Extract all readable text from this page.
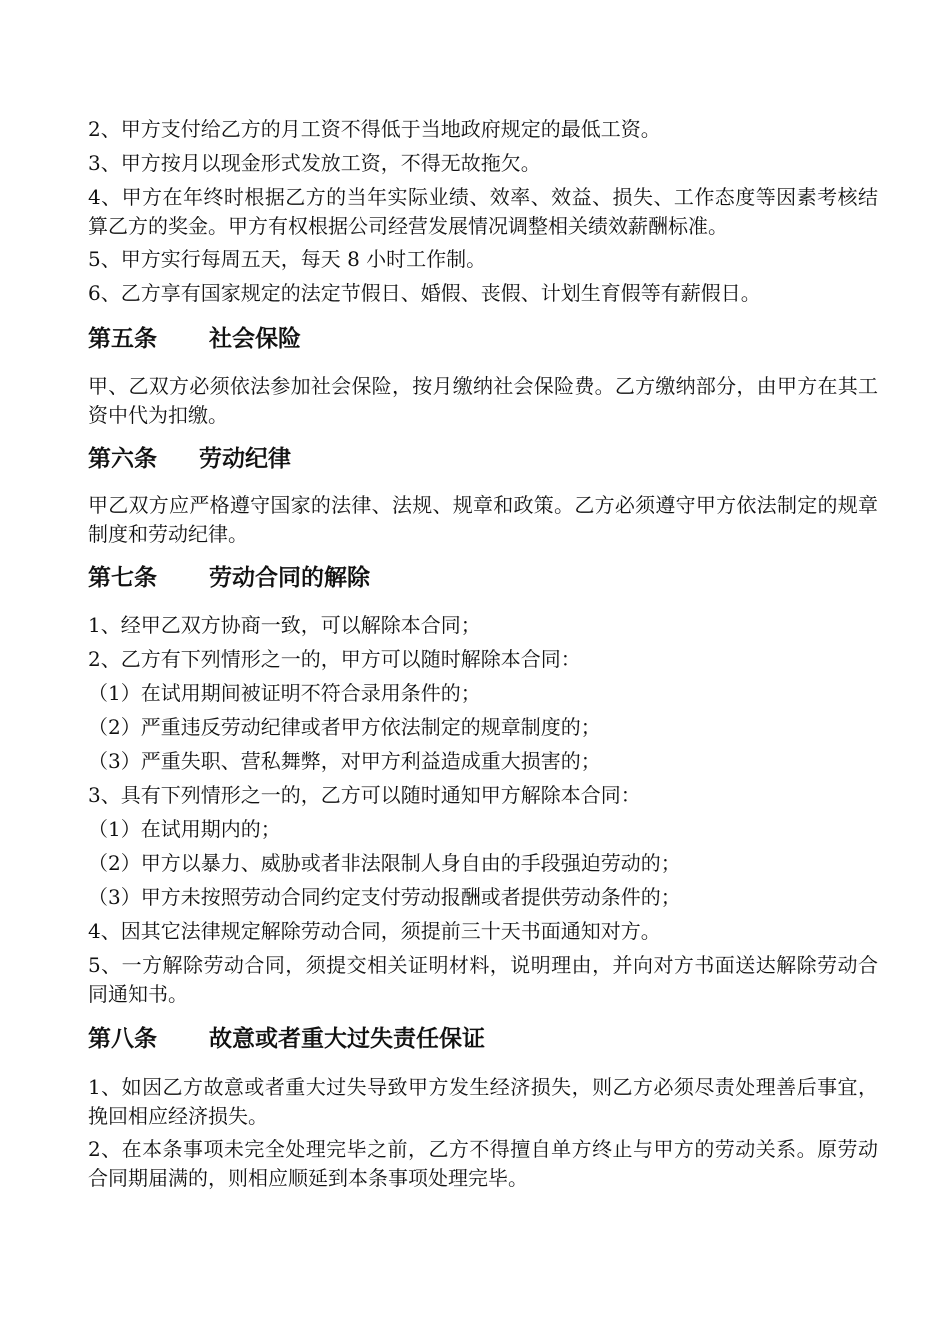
2、甲方支付给乙方的月工资不得低于当地政府规定的最低工资。

3、甲方按月以现金形式发放工资，不得无故拖欠。

4、甲方在年终时根据乙方的当年实际业绩、效率、效益、损失、工作态度等因素考核结算乙方的奖金。甲方有权根据公司经营发展情况调整相关绩效薪酬标准。

5、甲方实行每周五天，每天 8 小时工作制。

6、乙方享有国家规定的法定节假日、婚假、丧假、计划生育假等有薪假日。

第五条 社会保险

甲、乙双方必须依法参加社会保险，按月缴纳社会保险费。乙方缴纳部分，由甲方在其工资中代为扣缴。

第六条 劳动纪律

甲乙双方应严格遵守国家的法律、法规、规章和政策。乙方必须遵守甲方依法制定的规章制度和劳动纪律。

第七条 劳动合同的解除

1、经甲乙双方协商一致，可以解除本合同；

2、乙方有下列情形之一的，甲方可以随时解除本合同：

（1）在试用期间被证明不符合录用条件的；

（2）严重违反劳动纪律或者甲方依法制定的规章制度的；

（3）严重失职、营私舞弊，对甲方利益造成重大损害的；

3、具有下列情形之一的，乙方可以随时通知甲方解除本合同：

（1）在试用期内的；

（2）甲方以暴力、威胁或者非法限制人身自由的手段强迫劳动的；

（3）甲方未按照劳动合同约定支付劳动报酬或者提供劳动条件的；

4、因其它法律规定解除劳动合同，须提前三十天书面通知对方。

5、一方解除劳动合同，须提交相关证明材料，说明理由，并向对方书面送达解除劳动合同通知书。

第八条 故意或者重大过失责任保证

1、如因乙方故意或者重大过失导致甲方发生经济损失，则乙方必须尽责处理善后事宜，挽回相应经济损失。

2、在本条事项未完全处理完毕之前，乙方不得擅自单方终止与甲方的劳动关系。原劳动合同期届满的，则相应顺延到本条事项处理完毕。
